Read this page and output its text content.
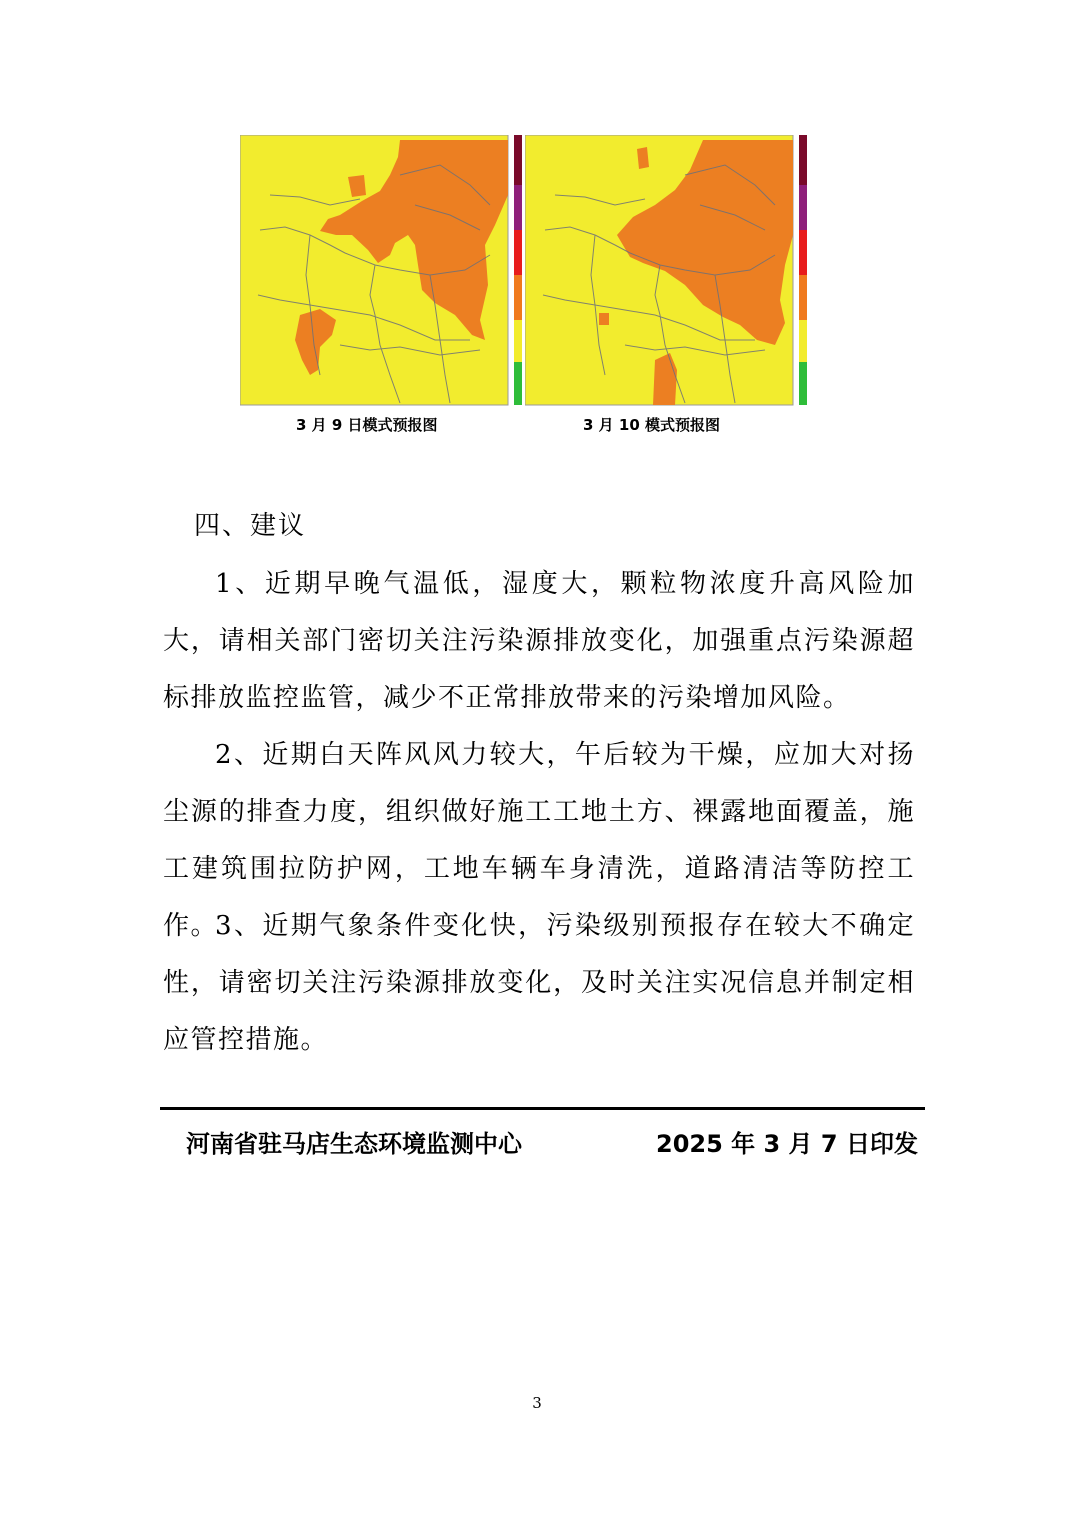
3 月 9 日模式预报图	3 月 10 模式预报图
四、建议
1、近期早晚气温低，湿度大，颗粒物浓度升高风险加大，请相关部门密切关注污染源排放变化，加强重点污染源超标排放监控监管，减少不正常排放带来的污染增加风险。
2、近期白天阵风风力较大，午后较为干燥，应加大对扬尘源的排查力度，组织做好施工工地土方、裸露地面覆盖，施工建筑围拉防护网，工地车辆车身清洗，道路清洁等防控工作。
3、近期气象条件变化快，污染级别预报存在较大不确定性，请密切关注污染源排放变化，及时关注实况信息并制定相应管控措施。
河南省驻马店生态环境监测中心	2025 年 3 月 7 日印发
3
